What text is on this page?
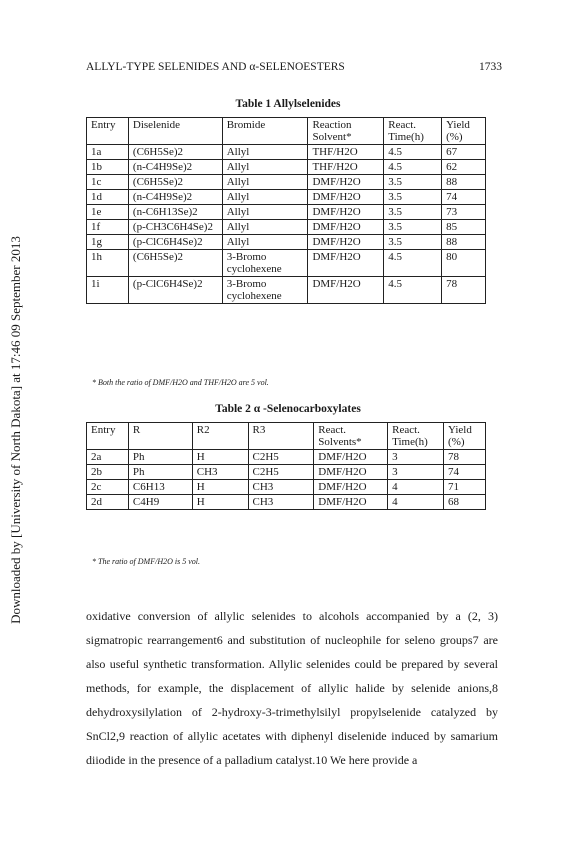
Downloaded by [University of North Dakota] at 17:46 09 September 2013
ALLYL-TYPE SELENIDES AND α-SELENOESTERS	1733
Table 1 Allylselenides
Entry	Diselenide	Bromide	Reaction Solvent*	React. Time(h)	Yield (%)
1a	(C6H5Se)2	Allyl	THF/H2O	4.5	67
1b	(n-C4H9Se)2	Allyl	THF/H2O	4.5	62
1c	(C6H5Se)2	Allyl	DMF/H2O	3.5	88
1d	(n-C4H9Se)2	Allyl	DMF/H2O	3.5	74
1e	(n-C6H13Se)2	Allyl	DMF/H2O	3.5	73
1f	(p-CH3C6H4Se)2	Allyl	DMF/H2O	3.5	85
1g	(p-ClC6H4Se)2	Allyl	DMF/H2O	3.5	88
1h	(C6H5Se)2	3-Bromo cyclohexene	DMF/H2O	4.5	80
1i	(p-ClC6H4Se)2	3-Bromo cyclohexene	DMF/H2O	4.5	78
* Both the ratio of DMF/H2O and THF/H2O are 5 vol.
Table 2 α -Selenocarboxylates
Entry	R	R2	R3	React. Solvents*	React. Time(h)	Yield (%)
2a	Ph	H	C2H5	DMF/H2O	3	78
2b	Ph	CH3	C2H5	DMF/H2O	3	74
2c	C6H13	H	CH3	DMF/H2O	4	71
2d	C4H9	H	CH3	DMF/H2O	4	68
* The ratio of DMF/H2O is 5 vol.

oxidative conversion of allylic selenides to alcohols accompanied by a (2, 3) sigmatropic rearrangement6 and substitution of nucleophile for seleno groups7 are also useful synthetic transformation. Allylic selenides could be prepared by several methods, for example, the displacement of allylic halide by selenide anions,8 dehydroxysilylation of 2-hydroxy-3-trimethylsilyl propylselenide catalyzed by SnCl2,9 reaction of allylic acetates with diphenyl diselenide induced by samarium diiodide in the presence of a palladium catalyst.10 We here provide a
